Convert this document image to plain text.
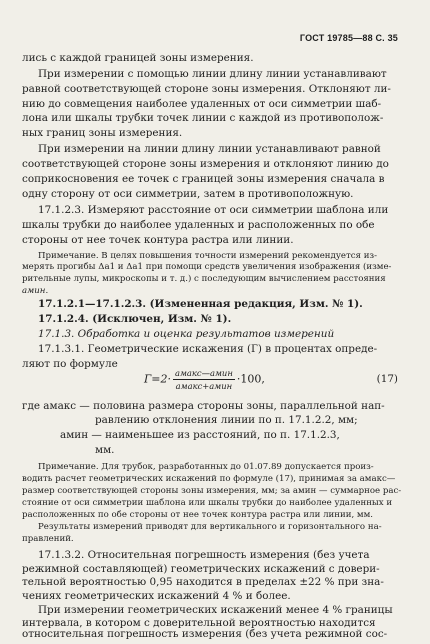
ГОСТ 19785—88 С. 35
лись с каждой границей зоны измерения.
При измерении с помощью линии длину линии устанавливают
равной соответствующей стороне зоны измерения. Отклоняют ли-
нию до совмещения наиболее удаленных от оси симметрии шаб-
лона или шкалы трубки точек линии с каждой из противополож-
ных границ зоны измерения.
При измерении на линии длину линии устанавливают равной
соответствующей стороне зоны измерения и отклоняют линию до
соприкосновения ее точек с границей зоны измерения сначала в
одну сторону от оси симметрии, затем в противоположную.
17.1.2.3. Измеряют расстояние от оси симметрии шаблона или
шкалы трубки до наиболее удаленных и расположенных по обе
стороны от нее точек контура растра или линии.
Примечание. В целях повышения точности измерений рекомендуется из-
мерять прогибы Δa1 и Δa1 при помощи средств увеличения изображения (изме-
рительные лупы, микроскопы и т. д.) с последующим вычислением расстояния
aмин.
17.1.2.1—17.1.2.3. (Измененная редакция, Изм. № 1).
17.1.2.4. (Исключен, Изм. № 1).
17.1.3. Обработка и оценка результатов измерений
17.1.3.1. Геометрические искажения (Г) в процентах опреде-
ляют по формуле
$Г=2\cdot \frac{\text{aмакс—aмин}}{\text{aмакс+aмин}} \cdot 100$,	(17)
где aмакс — половина размера стороны зоны, параллельной нап-
равлению отклонения линии по п. 17.1.2.2, мм;
aмин — наименьшее из расстояний, по п. 17.1.2.3,
мм.
Примечание. Для трубок, разработанных до 01.07.89 допускается произ-
водить расчет геометрических искажений по формуле (17), принимая за aмакс—
размер соответствующей стороны зоны измерения, мм; за aмин — суммарное рас-
стояние от оси симметрии шаблона или шкалы трубки до наиболее удаленных и
расположенных по обе стороны от нее точек контура растра или линии, мм.
Результаты измерений приводят для вертикального и горизонтального на-
правлений.
17.1.3.2. Относительная погрешность измерения (без учета
режимной составляющей) геометрических искажений с довери-
тельной вероятностью 0,95 находится в пределах ±22 % при зна-
чениях геометрических искажений 4 % и более.
При измерении геометрических искажений менее 4 % границы
интервала, в котором с доверительной вероятностью находится
относительная погрешность измерения (без учета режимной сос-
